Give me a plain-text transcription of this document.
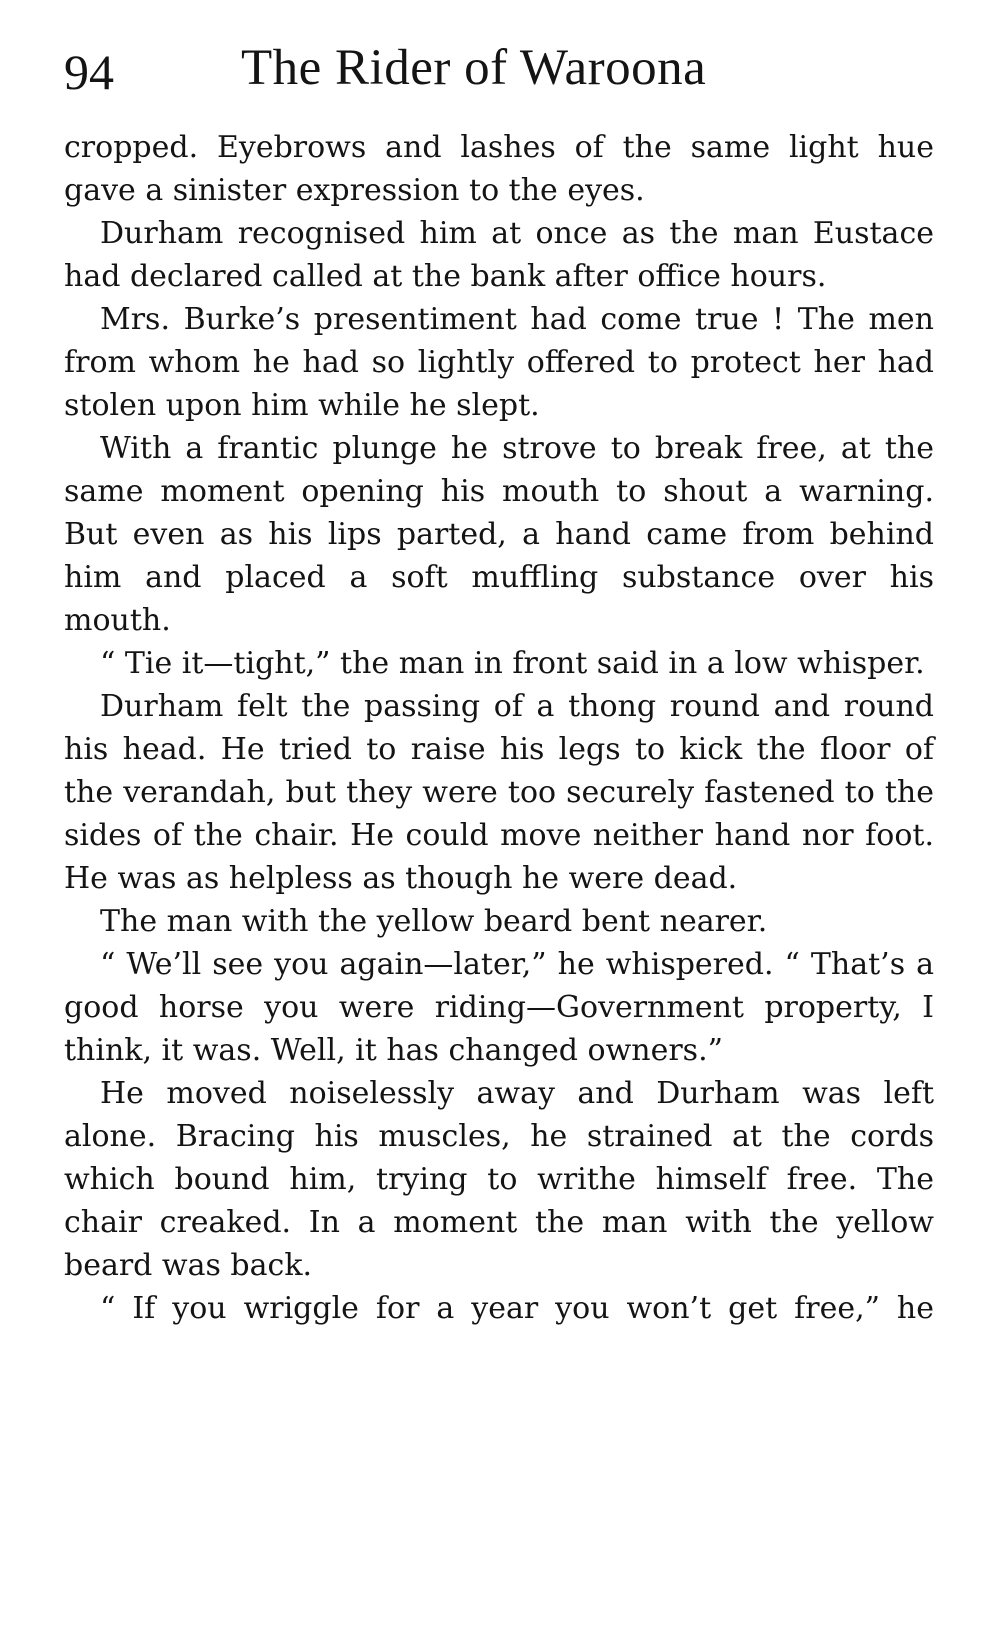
94 The Rider of Waroona

cropped. Eyebrows and lashes of the same light hue gave a sinister expression to the eyes.

Durham recognised him at once as the man Eustace had declared called at the bank after office hours.

Mrs. Burke’s presentiment had come true ! The men from whom he had so lightly offered to protect her had stolen upon him while he slept.

With a frantic plunge he strove to break free, at the same moment opening his mouth to shout a warning. But even as his lips parted, a hand came from behind him and placed a soft muffling substance over his mouth.

“ Tie it—tight,” the man in front said in a low whisper.

Durham felt the passing of a thong round and round his head. He tried to raise his legs to kick the floor of the verandah, but they were too securely fastened to the sides of the chair. He could move neither hand nor foot. He was as helpless as though he were dead.

The man with the yellow beard bent nearer.

“ We’ll see you again—later,” he whispered. “ That’s a good horse you were riding—Government property, I think, it was. Well, it has changed owners.”

He moved noiselessly away and Durham was left alone. Bracing his muscles, he strained at the cords which bound him, trying to writhe himself free. The chair creaked. In a moment the man with the yellow beard was back.

“ If you wriggle for a year you won’t get free,” he
